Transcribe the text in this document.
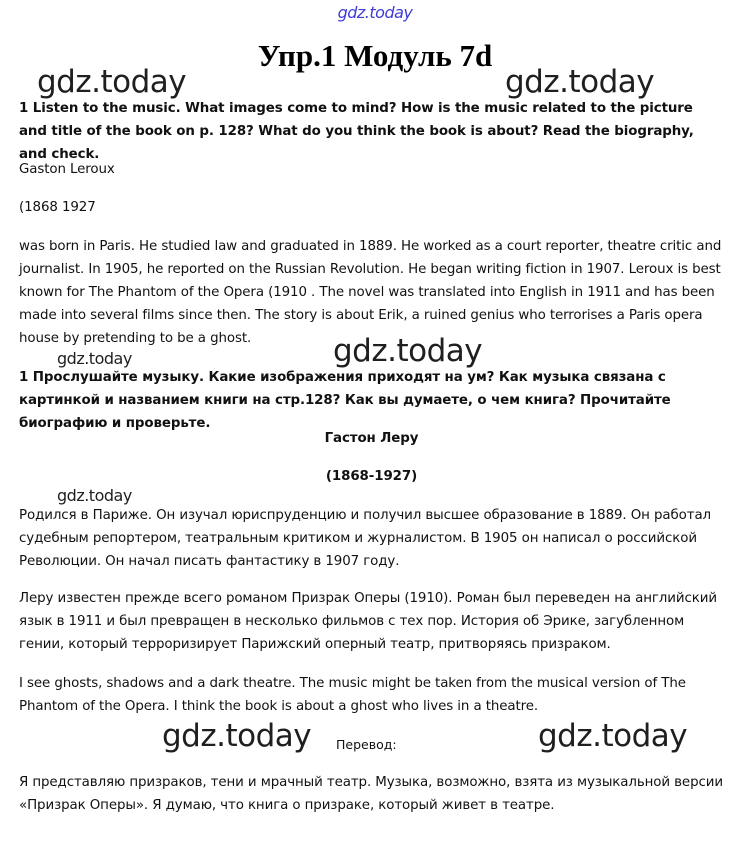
gdz.today
gdz.today	gdz.today
gdz.today	gdz.today
gdz.today
gdz.today	gdz.today
Упр.1 Модуль 7d
1 Listen to the music. What images come to mind? How is the music related to the picture and title of the book on p. 128? What do you think the book is about? Read the biography, and check.
Gaston Leroux
(1868 1927
was born in Paris. He studied law and graduated in 1889. He worked as a court reporter, theatre critic and journalist. In 1905, he reported on the Russian Revolution. He began writing fiction in 1907. Leroux is best known for The Phantom of the Opera (1910 . The novel was translated into English in 1911 and has been made into several films since then. The story is about Erik, a ruined genius who terrorises a Paris opera house by pretending to be a ghost.
1 Прослушайте музыку. Какие изображения приходят на ум? Как музыка связана с картинкой и названием книги на стр.128? Как вы думаете, о чем книга? Прочитайте биографию и проверьте.
Гастон Леру
(1868-1927)
Родился в Париже. Он изучал юриспруденцию и получил высшее образование в 1889. Он работал судебным репортером, театральным критиком и журналистом. В 1905 он написал о российской Революции. Он начал писать фантастику в 1907 году.
Леру известен прежде всего романом Призрак Оперы (1910). Роман был переведен на английский язык в 1911 и был превращен в несколько фильмов с тех пор. История об Эрике, загубленном гении, который терроризирует Парижский оперный театр, притворяясь призраком.
I see ghosts, shadows and a dark theatre. The music might be taken from the musical version of The Phantom of the Opera. I think the book is about a ghost who lives in a theatre.
Перевод:
Я представляю призраков, тени и мрачный театр. Музыка, возможно, взята из музыкальной версии «Призрак Оперы». Я думаю, что книга о призраке, который живет в театре.
